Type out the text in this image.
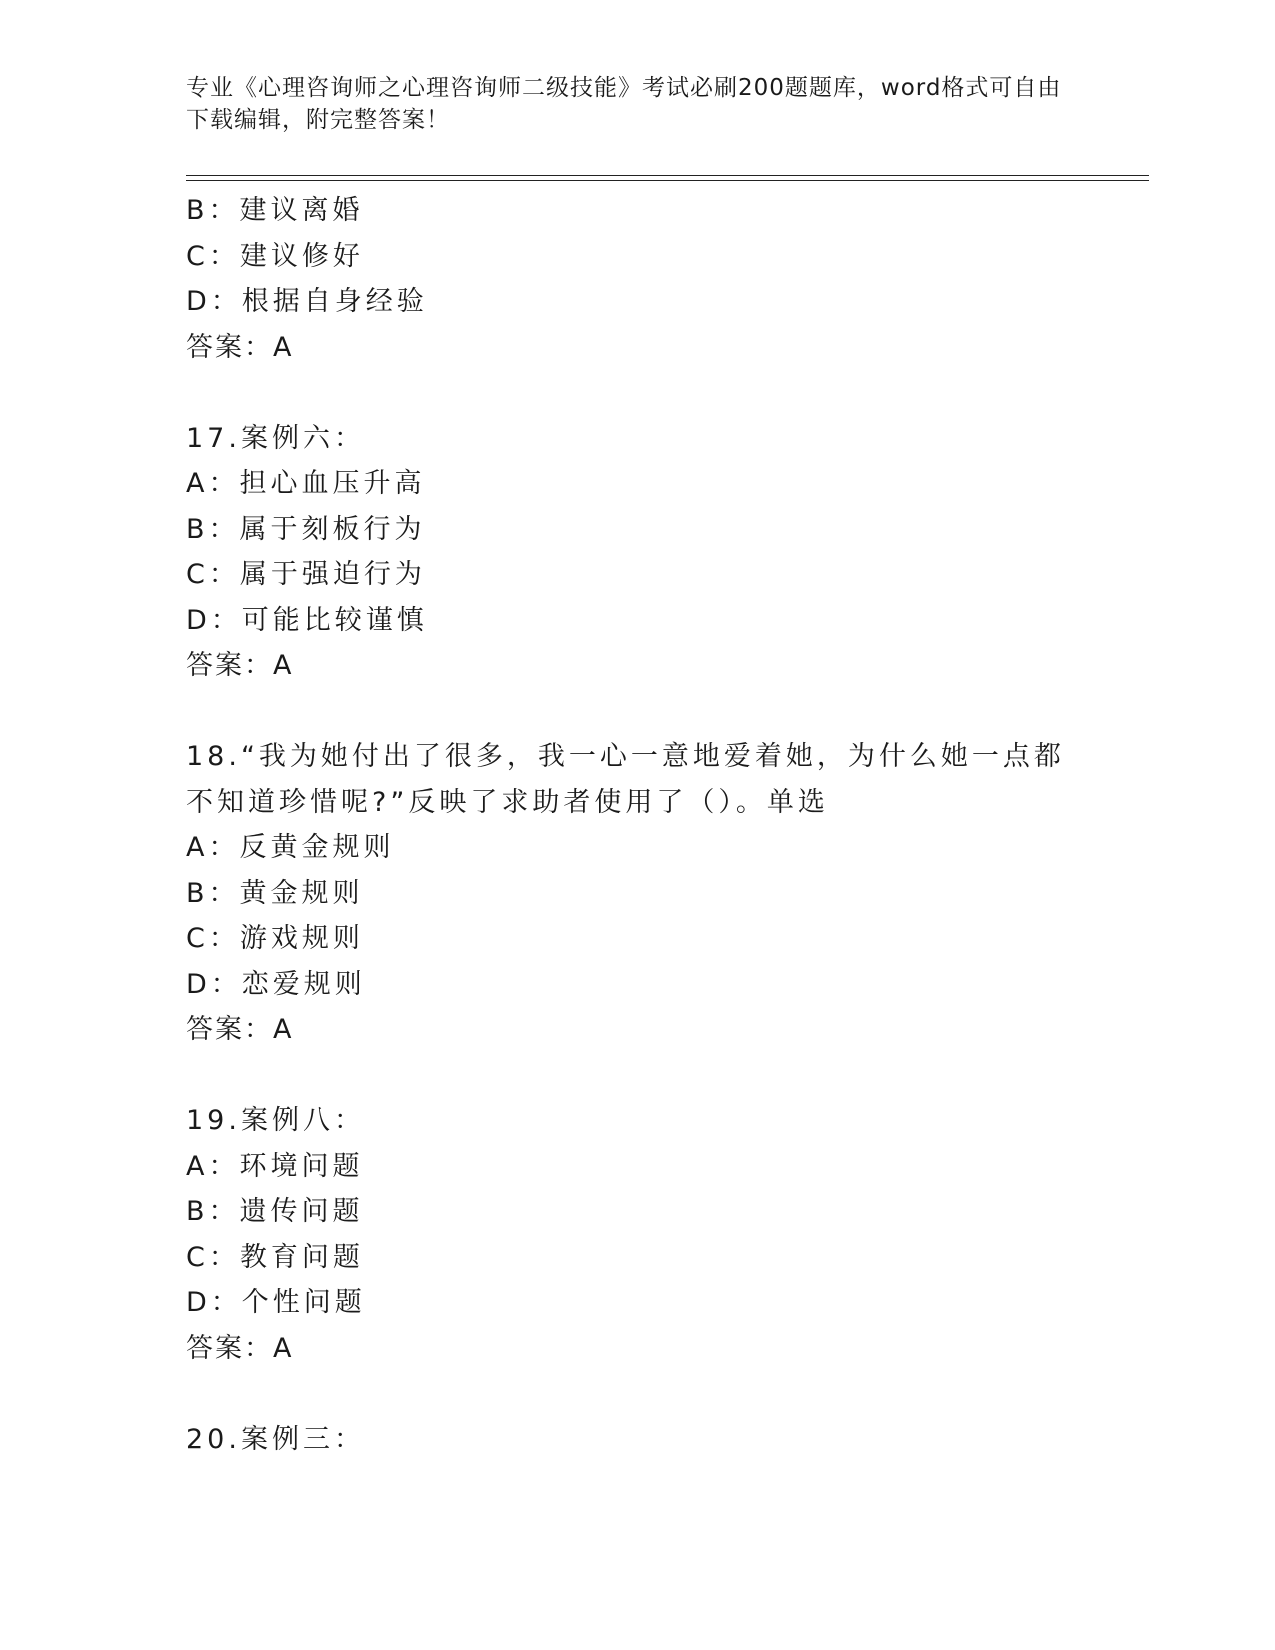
专业《心理咨询师之心理咨询师二级技能》考试必刷200题题库，word格式可自由下载编辑，附完整答案！
B：建议离婚
C：建议修好
D：根据自身经验
答案：A
17.案例六：
A：担心血压升高
B：属于刻板行为
C：属于强迫行为
D：可能比较谨慎
答案：A
18.“我为她付出了很多，我一心一意地爱着她，为什么她一点都不知道珍惜呢?”反映了求助者使用了（）。单选
A：反黄金规则
B：黄金规则
C：游戏规则
D：恋爱规则
答案：A
19.案例八：
A：环境问题
B：遗传问题
C：教育问题
D：个性问题
答案：A
20.案例三：
